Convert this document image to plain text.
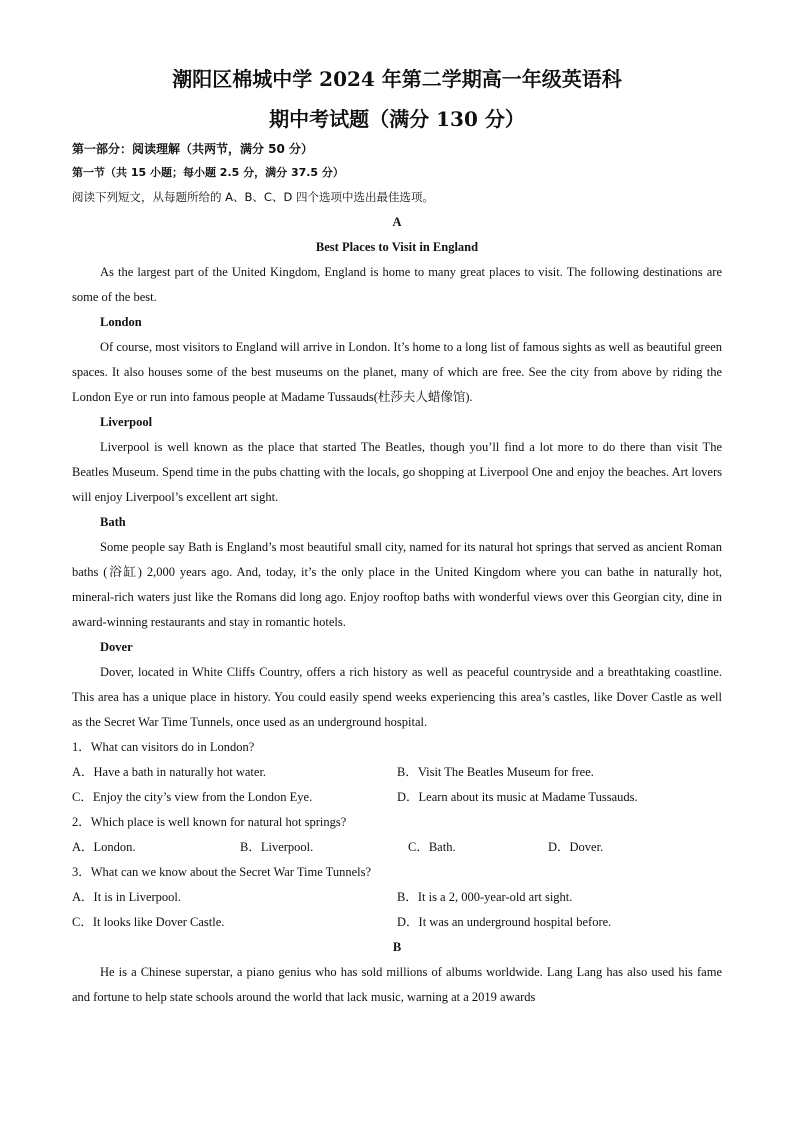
潮阳区棉城中学 2024 年第二学期高一年级英语科
期中考试题（满分 130 分）
第一部分：阅读理解（共两节，满分 50 分）
第一节（共 15 小题；每小题 2.5 分，满分 37.5 分）
阅读下列短文，从每题所给的 A、B、C、D 四个选项中选出最佳选项。
A
Best Places to Visit in England
As the largest part of the United Kingdom, England is home to many great places to visit. The following destinations are some of the best.
London
Of course, most visitors to England will arrive in London. It’s home to a long list of famous sights as well as beautiful green spaces. It also houses some of the best museums on the planet, many of which are free. See the city from above by riding the London Eye or run into famous people at Madame Tussauds(杜莎夫人蜡像馆).
Liverpool
Liverpool is well known as the place that started The Beatles, though you’ll find a lot more to do there than visit The Beatles Museum. Spend time in the pubs chatting with the locals, go shopping at Liverpool One and enjoy the beaches. Art lovers will enjoy Liverpool’s excellent art sight.
Bath
Some people say Bath is England’s most beautiful small city, named for its natural hot springs that served as ancient Roman baths (浴缸) 2,000 years ago. And, today, it’s the only place in the United Kingdom where you can bathe in naturally hot, mineral-rich waters just like the Romans did long ago. Enjoy rooftop baths with wonderful views over this Georgian city, dine in award-winning restaurants and stay in romantic hotels.
Dover
Dover, located in White Cliffs Country, offers a rich history as well as peaceful countryside and a breathtaking coastline. This area has a unique place in history. You could easily spend weeks experiencing this area’s castles, like Dover Castle as well as the Secret War Time Tunnels, once used as an underground hospital.
1．What can visitors do in London?
A．Have a bath in naturally hot water.	B．Visit The Beatles Museum for free.
C．Enjoy the city’s view from the London Eye.	D．Learn about its music at Madame Tussauds.
2．Which place is well known for natural hot springs?
A．London.	B．Liverpool.	C．Bath.	D．Dover.
3．What can we know about the Secret War Time Tunnels?
A．It is in Liverpool.	B．It is a 2, 000-year-old art sight.
C．It looks like Dover Castle.	D．It was an underground hospital before.
B
He is a Chinese superstar, a piano genius who has sold millions of albums worldwide. Lang Lang has also used his fame and fortune to help state schools around the world that lack music, warning at a 2019 awards
